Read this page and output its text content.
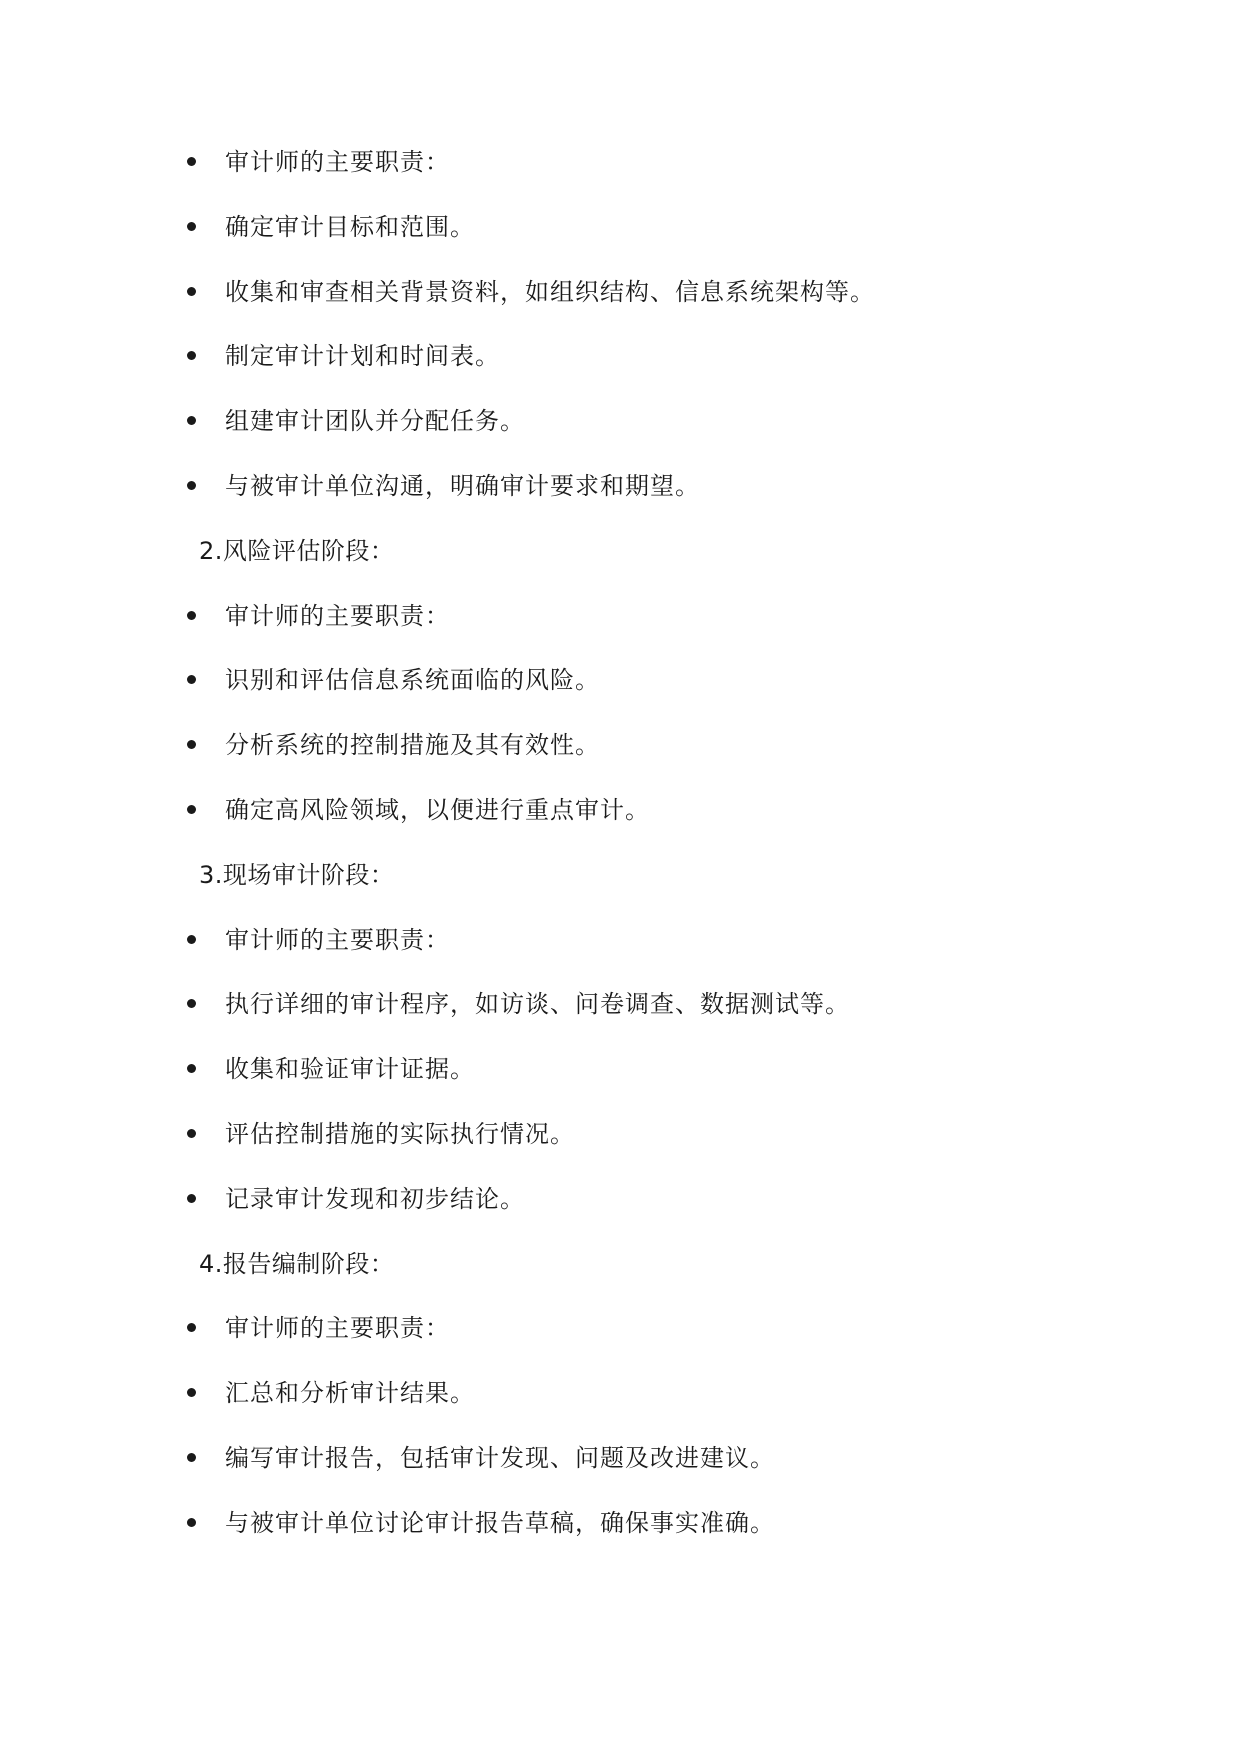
审计师的主要职责：
确定审计目标和范围。
收集和审查相关背景资料，如组织结构、信息系统架构等。
制定审计计划和时间表。
组建审计团队并分配任务。
与被审计单位沟通，明确审计要求和期望。
2.风险评估阶段：
审计师的主要职责：
识别和评估信息系统面临的风险。
分析系统的控制措施及其有效性。
确定高风险领域，以便进行重点审计。
3.现场审计阶段：
审计师的主要职责：
执行详细的审计程序，如访谈、问卷调查、数据测试等。
收集和验证审计证据。
评估控制措施的实际执行情况。
记录审计发现和初步结论。
4.报告编制阶段：
审计师的主要职责：
汇总和分析审计结果。
编写审计报告，包括审计发现、问题及改进建议。
与被审计单位讨论审计报告草稿，确保事实准确。
